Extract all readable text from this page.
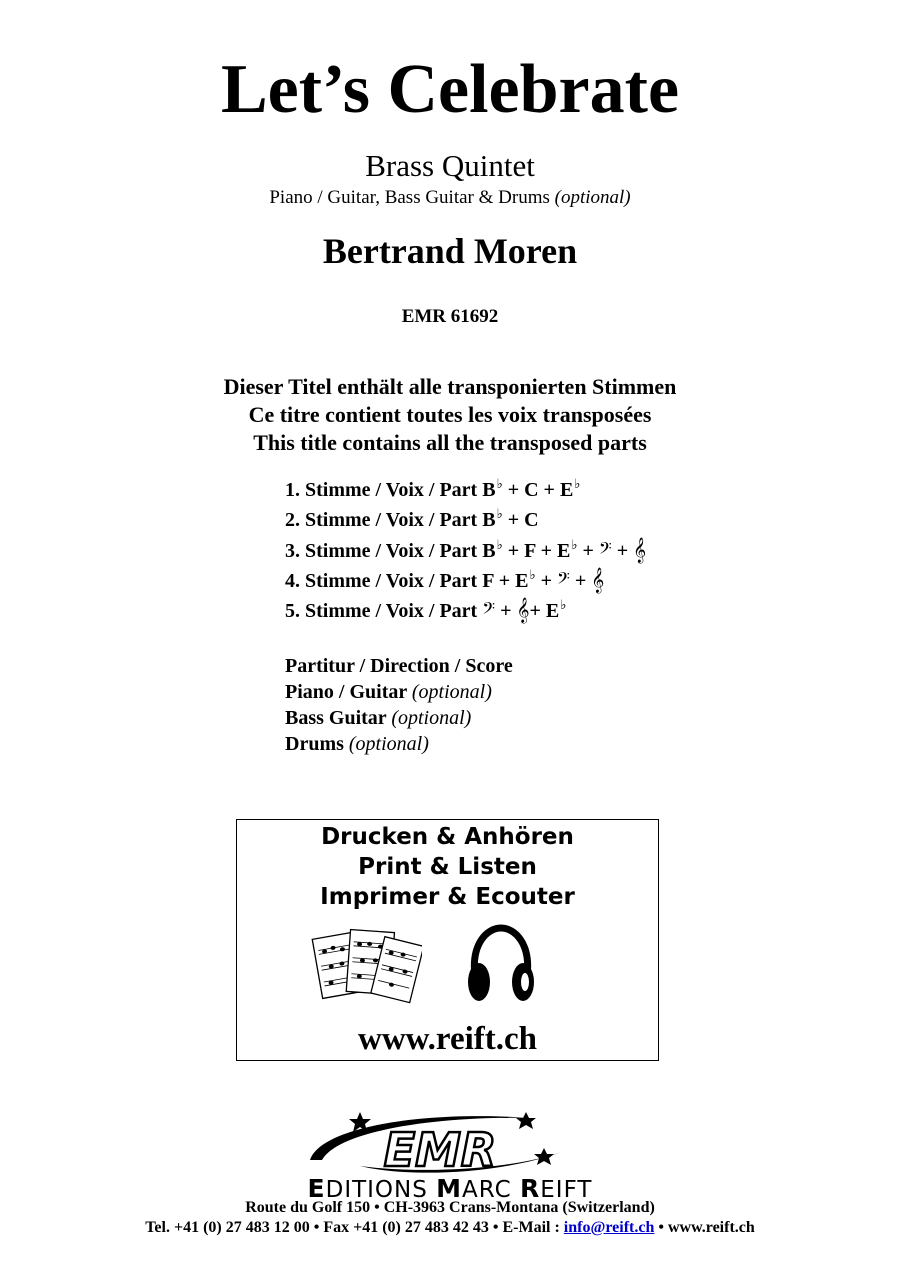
Let’s Celebrate
Brass Quintet
Piano / Guitar, Bass Guitar & Drums (optional)
Bertrand Moren
EMR 61692
Dieser Titel enthält alle transponierten Stimmen
Ce titre contient toutes les voix transposées
This title contains all the transposed parts
1. Stimme / Voix / Part B♭ + C + E♭
2. Stimme / Voix / Part B♭ + C
3. Stimme / Voix / Part B♭ + F + E♭ + 𝄢 + 𝄞
4. Stimme / Voix / Part F + E♭ + 𝄢 + 𝄞
5. Stimme / Voix / Part 𝄢 + 𝄞+ E♭
Partitur / Direction / Score
Piano / Guitar (optional)
Bass Guitar (optional)
Drums (optional)
Drucken & Anhören
Print & Listen
Imprimer & Ecouter
www.reift.ch
EMR
EDITIONS MARC REIFT
Route du Golf 150 • CH-3963 Crans-Montana (Switzerland)
Tel. +41 (0) 27 483 12 00 • Fax +41 (0) 27 483 42 43 • E-Mail : info@reift.ch • www.reift.ch
